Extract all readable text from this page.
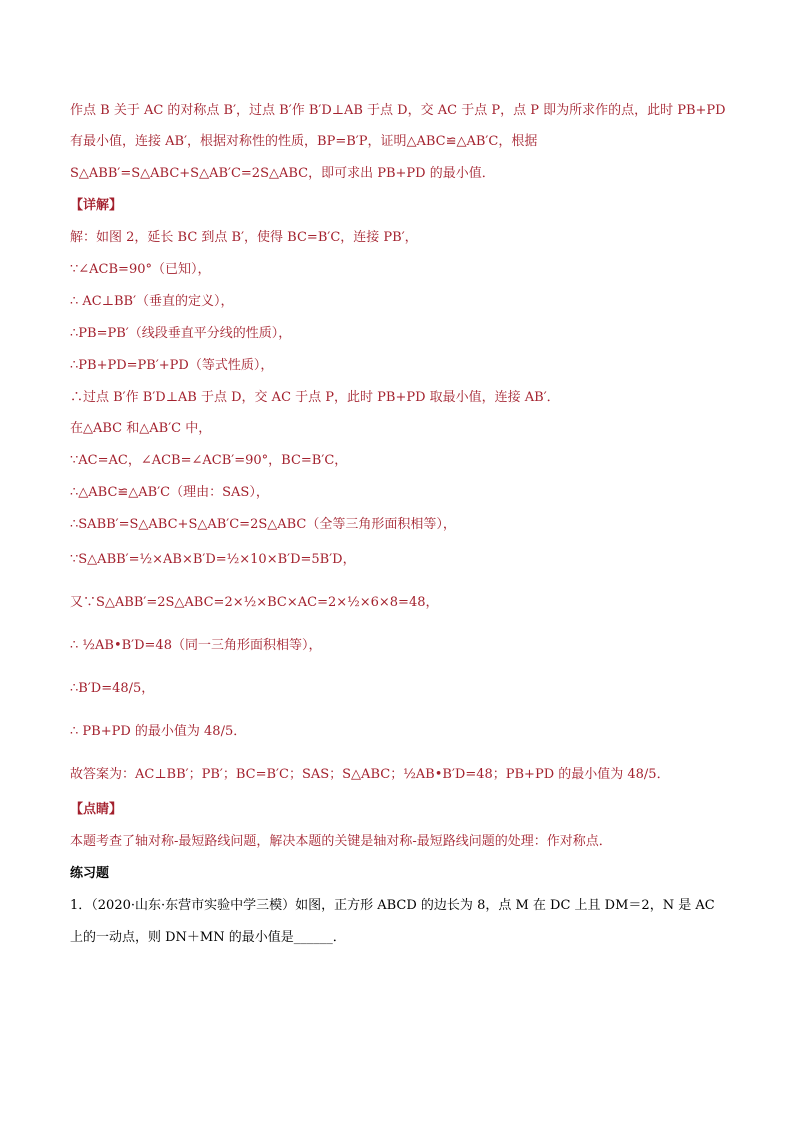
作点 B 关于 AC 的对称点 B′，过点 B′作 B′D⊥AB 于点 D，交 AC 于点 P，点 P 即为所求作的点，此时 PB+PD
有最小值，连接 AB′，根据对称性的性质，BP=B′P，证明△ABC≌△AB′C，根据
S△ABB′=S△ABC+S△AB′C=2S△ABC，即可求出 PB+PD 的最小值．
【详解】
解：如图 2，延长 BC 到点 B′，使得 BC=B′C，连接 PB′，
∵∠ACB=90°（已知），
∴ AC⊥BB′（垂直的定义），
∴PB=PB′（线段垂直平分线的性质），
∴PB+PD=PB′+PD（等式性质），
∴过点 B′作 B′D⊥AB 于点 D，交 AC 于点 P，此时 PB+PD 取最小值，连接 AB′．
在△ABC 和△AB′C 中，
∵AC=AC，∠ACB=∠ACB′=90°，BC=B′C，
∴△ABC≌△AB′C（理由：SAS），
∴SABB′=S△ABC+S△AB′C=2S△ABC（全等三角形面积相等），
∵S△ABB′=½×AB×B′D=½×10×B′D=5B′D，
又∵S△ABB′=2S△ABC=2×½×BC×AC=2×½×6×8=48，
∴ ½AB•B′D=48（同一三角形面积相等），
∴B′D=48/5，
∴ PB+PD 的最小值为 48/5．
故答案为：AC⊥BB′；PB′；BC=B′C；SAS；S△ABC；½AB•B′D=48；PB+PD 的最小值为 48/5．
【点睛】
本题考查了轴对称-最短路线问题，解决本题的关键是轴对称-最短路线问题的处理：作对称点．
练习题
1．（2020·山东·东营市实验中学三模）如图，正方形 ABCD 的边长为 8，点 M 在 DC 上且 DM＝2，N 是 AC
上的一动点，则 DN＋MN 的最小值是______．
